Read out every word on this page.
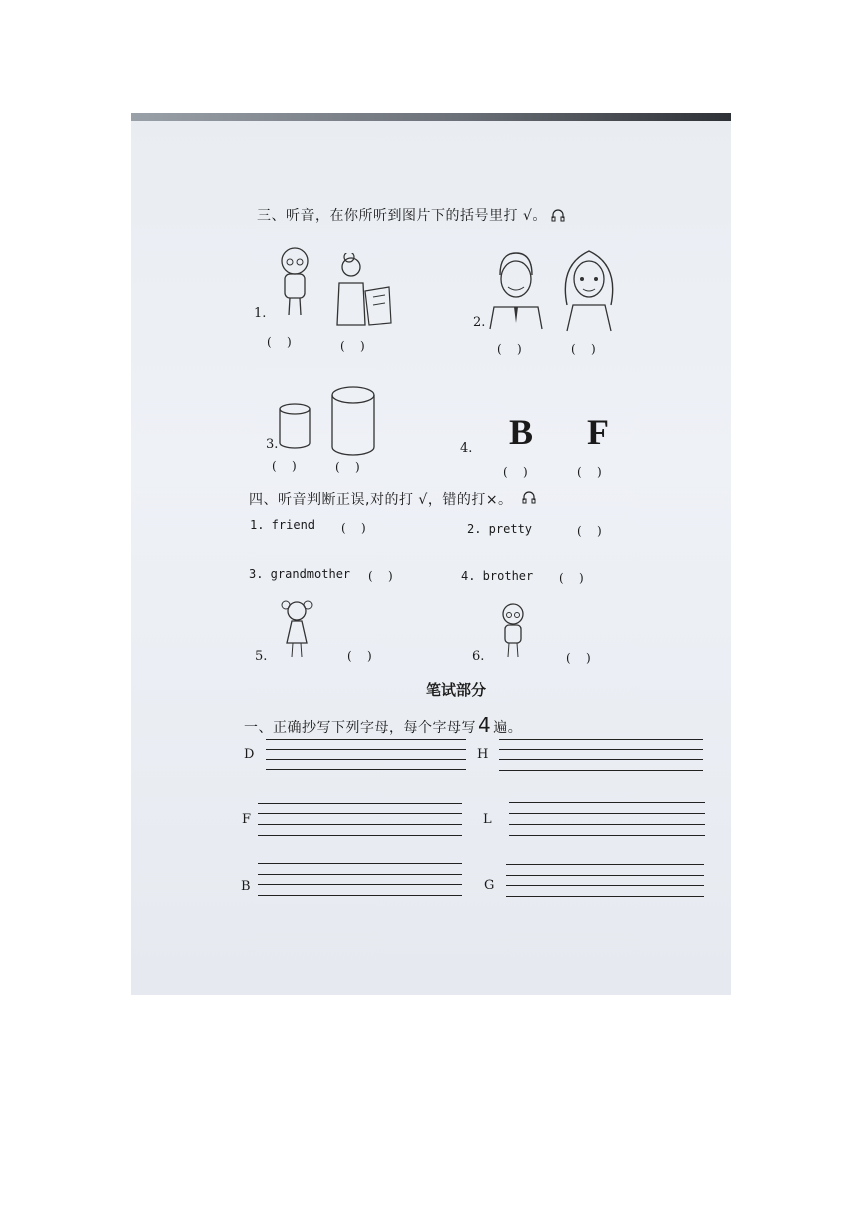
三、听音，在你所听到图片下的括号里打 √。
1.
(    )	(    )
2.
(    )	(    )
3.
(    )	(    )
4. B F
(    )	(    )
四、听音判断正误,对的打 √，错的打×。
1. friend (    )	2. pretty	(    )
3. grandmother (    )	4. brother (    )
5.	(    )	6.	(    )
笔试部分
一、正确抄写下列字母，每个字母写 4 遍。
D	H
F	L
B	G
